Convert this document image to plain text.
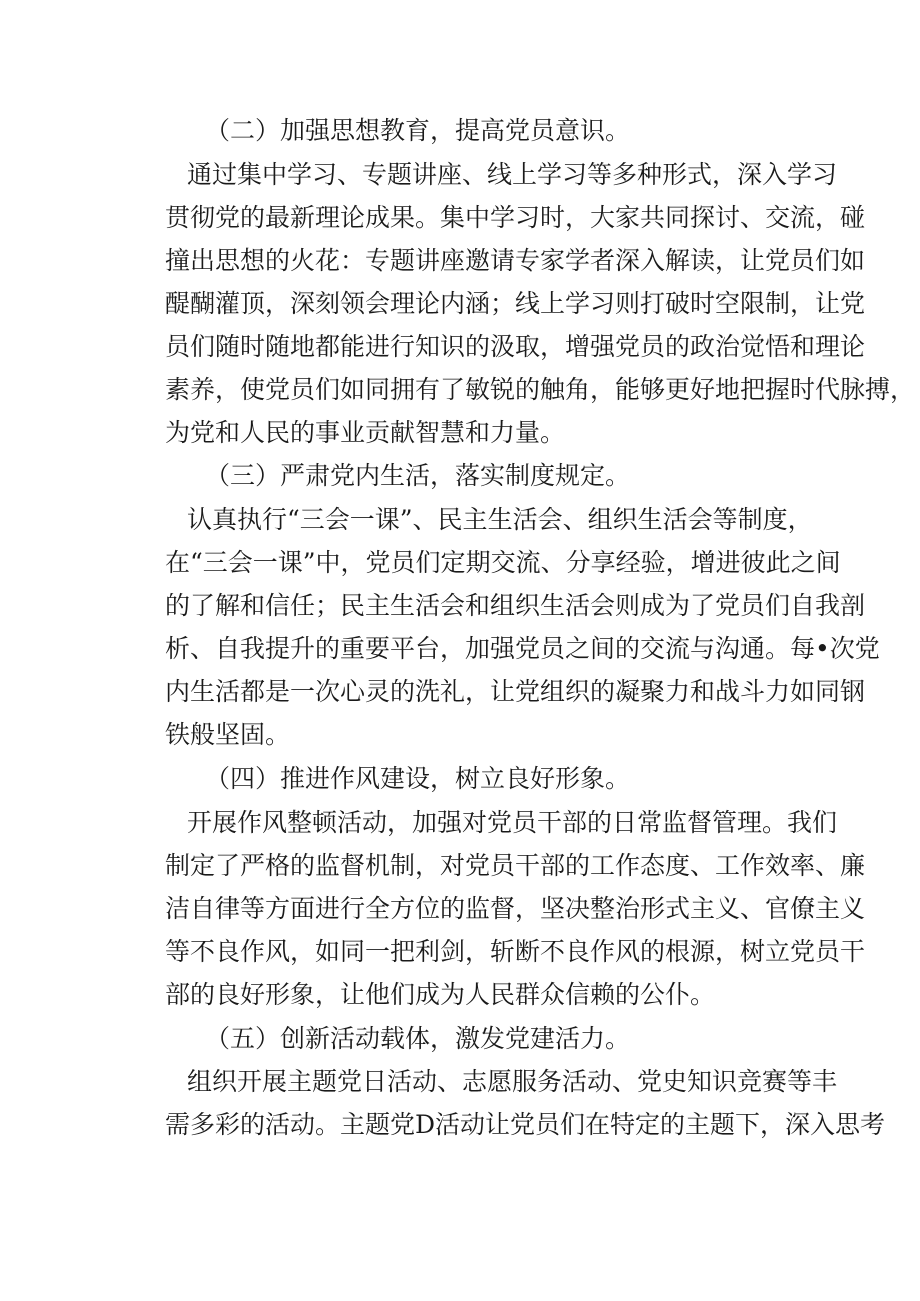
（二）加强思想教育，提高党员意识。
通过集中学习、专题讲座、线上学习等多种形式，深入学习
贯彻党的最新理论成果。集中学习时，大家共同探讨、交流，碰
撞出思想的火花：专题讲座邀请专家学者深入解读，让党员们如
醍醐灌顶，深刻领会理论内涵；线上学习则打破时空限制，让党
员们随时随地都能进行知识的汲取，增强党员的政治觉悟和理论
素养，使党员们如同拥有了敏锐的触角，能够更好地把握时代脉搏，
为党和人民的事业贡献智慧和力量。
（三）严肃党内生活，落实制度规定。
认真执行“三会一课”、民主生活会、组织生活会等制度，
在“三会一课”中，党员们定期交流、分享经验，增进彼此之间
的了解和信任；民主生活会和组织生活会则成为了党员们自我剖
析、自我提升的重要平台，加强党员之间的交流与沟通。每•次党
内生活都是一次心灵的洗礼，让党组织的凝聚力和战斗力如同钢
铁般坚固。
（四）推进作风建设，树立良好形象。
开展作风整顿活动，加强对党员干部的日常监督管理。我们
制定了严格的监督机制，对党员干部的工作态度、工作效率、廉
洁自律等方面进行全方位的监督，坚决整治形式主义、官僚主义
等不良作风，如同一把利剑，斩断不良作风的根源，树立党员干
部的良好形象，让他们成为人民群众信赖的公仆。
（五）创新活动载体，激发党建活力。
组织开展主题党日活动、志愿服务活动、党史知识竞赛等丰
需多彩的活动。主题党D活动让党员们在特定的主题下，深入思考
